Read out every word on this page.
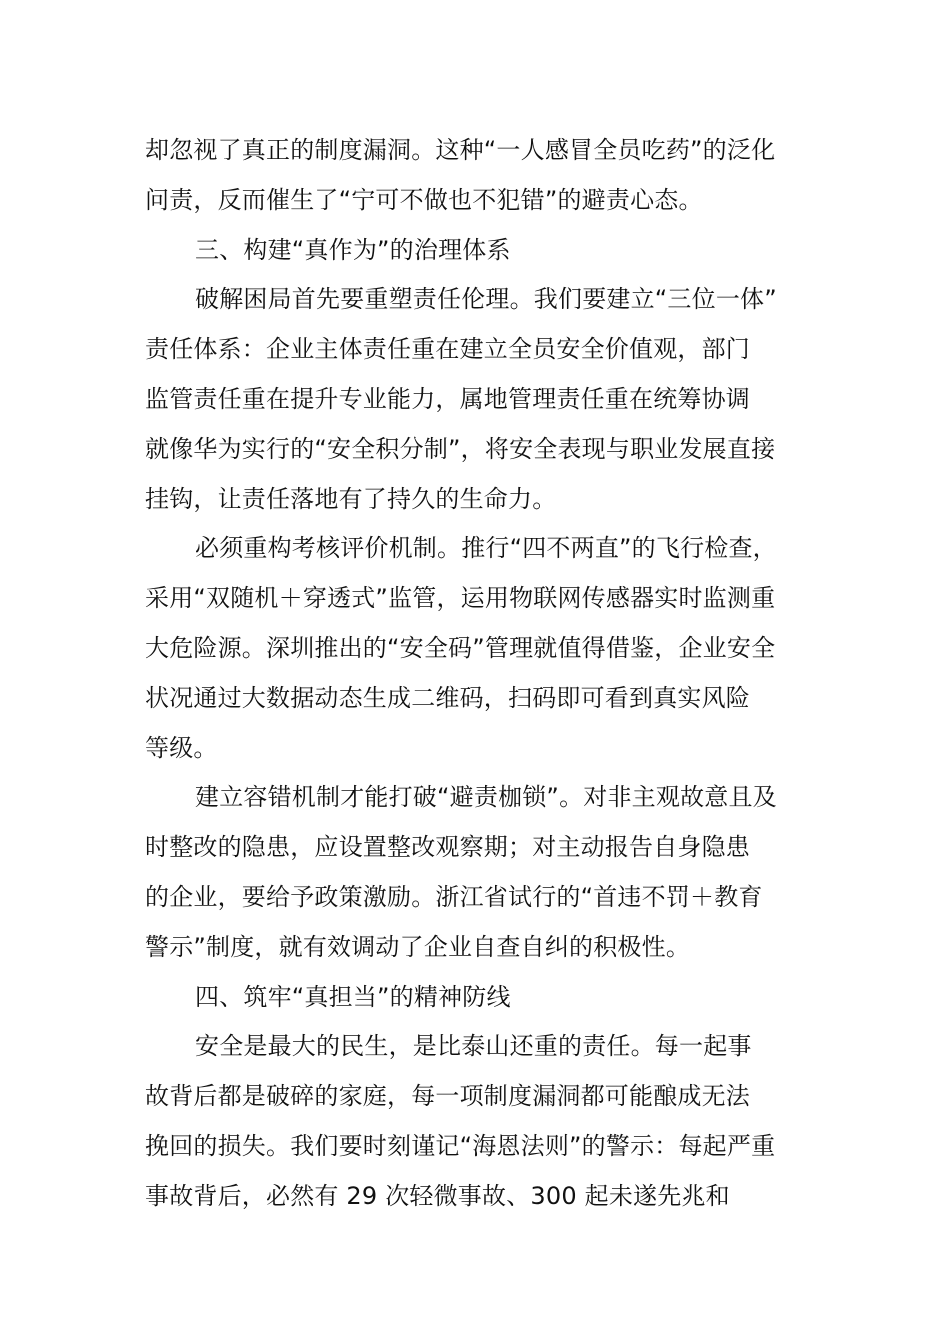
却忽视了真正的制度漏洞。这种“一人感冒全员吃药”的泛化
问责，反而催生了“宁可不做也不犯错”的避责心态。
三、构建“真作为”的治理体系
破解困局首先要重塑责任伦理。我们要建立“三位一体”
责任体系：企业主体责任重在建立全员安全价值观，部门
监管责任重在提升专业能力，属地管理责任重在统筹协调
就像华为实行的“安全积分制”，将安全表现与职业发展直接
挂钩，让责任落地有了持久的生命力。
必须重构考核评价机制。推行“四不两直”的飞行检查，
采用“双随机＋穿透式”监管，运用物联网传感器实时监测重
大危险源。深圳推出的“安全码”管理就值得借鉴，企业安全
状况通过大数据动态生成二维码，扫码即可看到真实风险
等级。
建立容错机制才能打破“避责枷锁”。对非主观故意且及
时整改的隐患，应设置整改观察期；对主动报告自身隐患
的企业，要给予政策激励。浙江省试行的“首违不罚＋教育
警示”制度，就有效调动了企业自查自纠的积极性。
四、筑牢“真担当”的精神防线
安全是最大的民生，是比泰山还重的责任。每一起事
故背后都是破碎的家庭，每一项制度漏洞都可能酿成无法
挽回的损失。我们要时刻谨记“海恩法则”的警示：每起严重
事故背后，必然有 29 次轻微事故、300 起未遂先兆和
